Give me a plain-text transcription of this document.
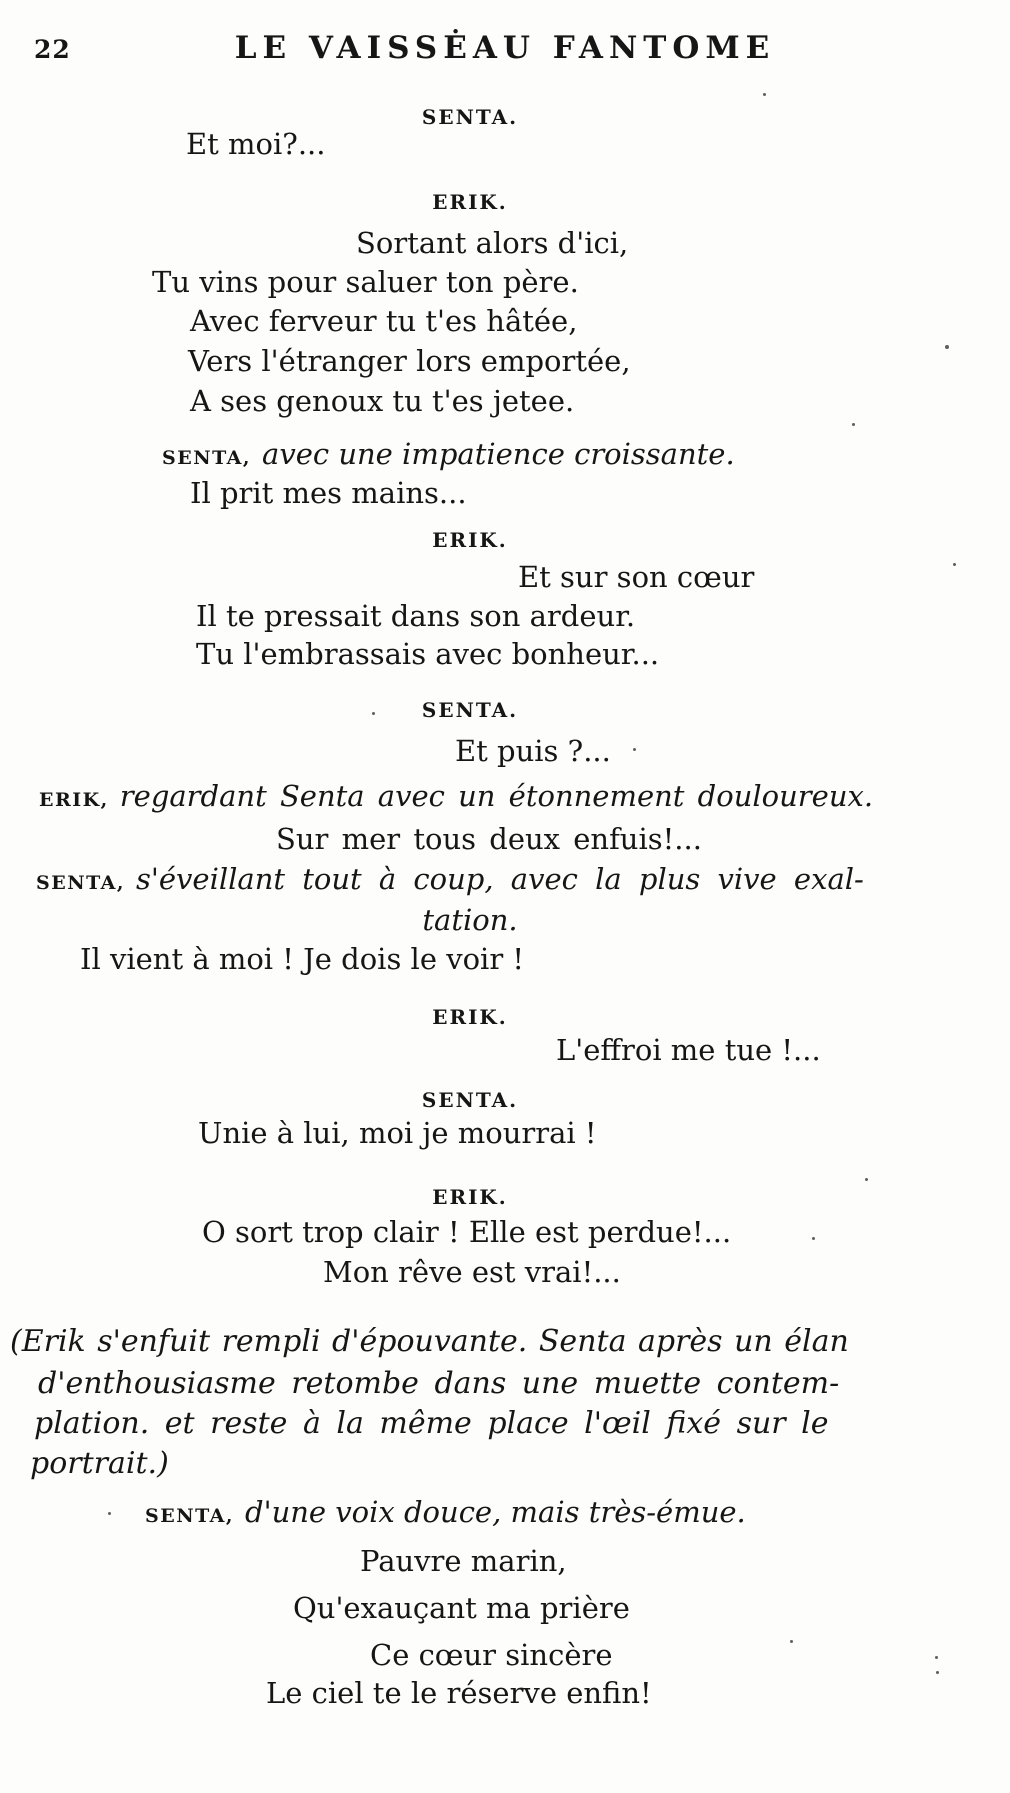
22	LE VAISSĖAU FANTOME
SENTA.
Et moi?...
ERIK.
Sortant alors d'ici,
Tu vins pour saluer ton père.
Avec ferveur tu t'es hâtée,
Vers l'étranger lors emportée,
A ses genoux tu t'es jetee.
SENTA, avec une impatience croissante.
Il prit mes mains...
ERIK.
Et sur son cœur
Il te pressait dans son ardeur.
Tu l'embrassais avec bonheur...
SENTA.
Et puis ?...
ERIK, regardant Senta avec un étonnement douloureux.
Sur mer tous deux enfuis!...
SENTA, s'éveillant tout à coup, avec la plus vive exal-
tation.
Il vient à moi ! Je dois le voir !
ERIK.
L'effroi me tue !...
SENTA.
Unie à lui, moi je mourrai !
ERIK.
O sort trop clair ! Elle est perdue!...
Mon rêve est vrai!...
(Erik s'enfuit rempli d'épouvante. Senta après un élan
d'enthousiasme retombe dans une muette contem-
plation. et reste à la même place l'œil fixé sur le
portrait.)
SENTA, d'une voix douce, mais très-émue.
Pauvre marin,
Qu'exauçant ma prière
Ce cœur sincère
Le ciel te le réserve enfin!
